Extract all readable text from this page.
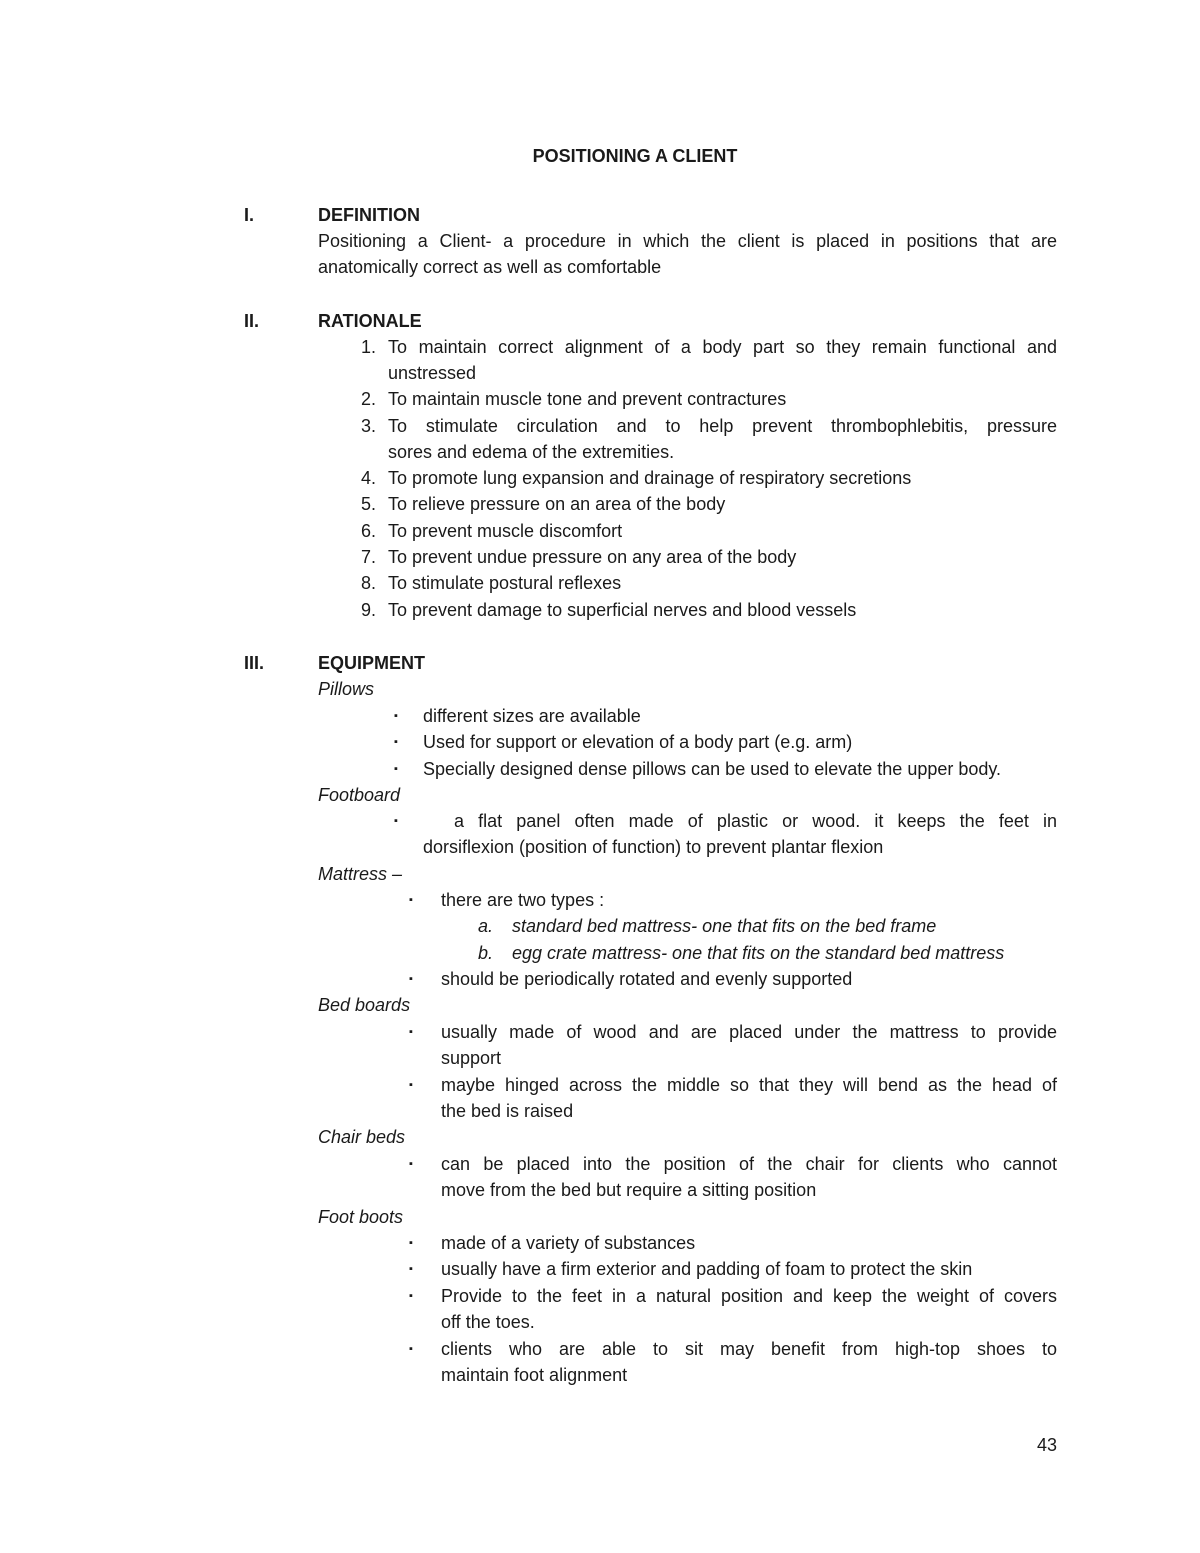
POSITIONING A CLIENT
I.	DEFINITION
Positioning a Client- a procedure in which the client is placed in positions that are
anatomically correct as well as comfortable
II.	RATIONALE
1. To maintain correct alignment of a body part so they remain functional and
unstressed
2. To maintain muscle tone and prevent contractures
3. To stimulate circulation and to help prevent thrombophlebitis, pressure
sores and edema of the extremities.
4. To promote lung expansion and drainage of respiratory secretions
5. To relieve pressure on an area of the body
6. To prevent muscle discomfort
7. To prevent undue pressure on any area of the body
8. To stimulate postural reflexes
9. To prevent damage to superficial nerves and blood vessels
III.	EQUIPMENT
Pillows
▪ different sizes are available
▪ Used for support or elevation of a body part (e.g. arm)
▪ Specially designed dense pillows can be used to elevate the upper body.
Footboard
▪	a flat panel often made of plastic or wood. it keeps the feet in
dorsiflexion (position of function) to prevent plantar flexion
Mattress –
▪ there are two types :
a. standard bed mattress- one that fits on the bed frame
b. egg crate mattress- one that fits on the standard bed mattress
▪ should be periodically rotated and evenly supported
Bed boards
▪ usually made of wood and are placed under the mattress to provide
support
▪ maybe hinged across the middle so that they will bend as the head of
the bed is raised
Chair beds
▪ can be placed into the position of the chair for clients who cannot
move from the bed but require a sitting position
Foot boots
▪ made of a variety of substances
▪ usually have a firm exterior and padding of foam to protect the skin
▪ Provide to the feet in a natural position and keep the weight of covers
off the toes.
▪ clients who are able to sit may benefit from high-top shoes to
maintain foot alignment
43
